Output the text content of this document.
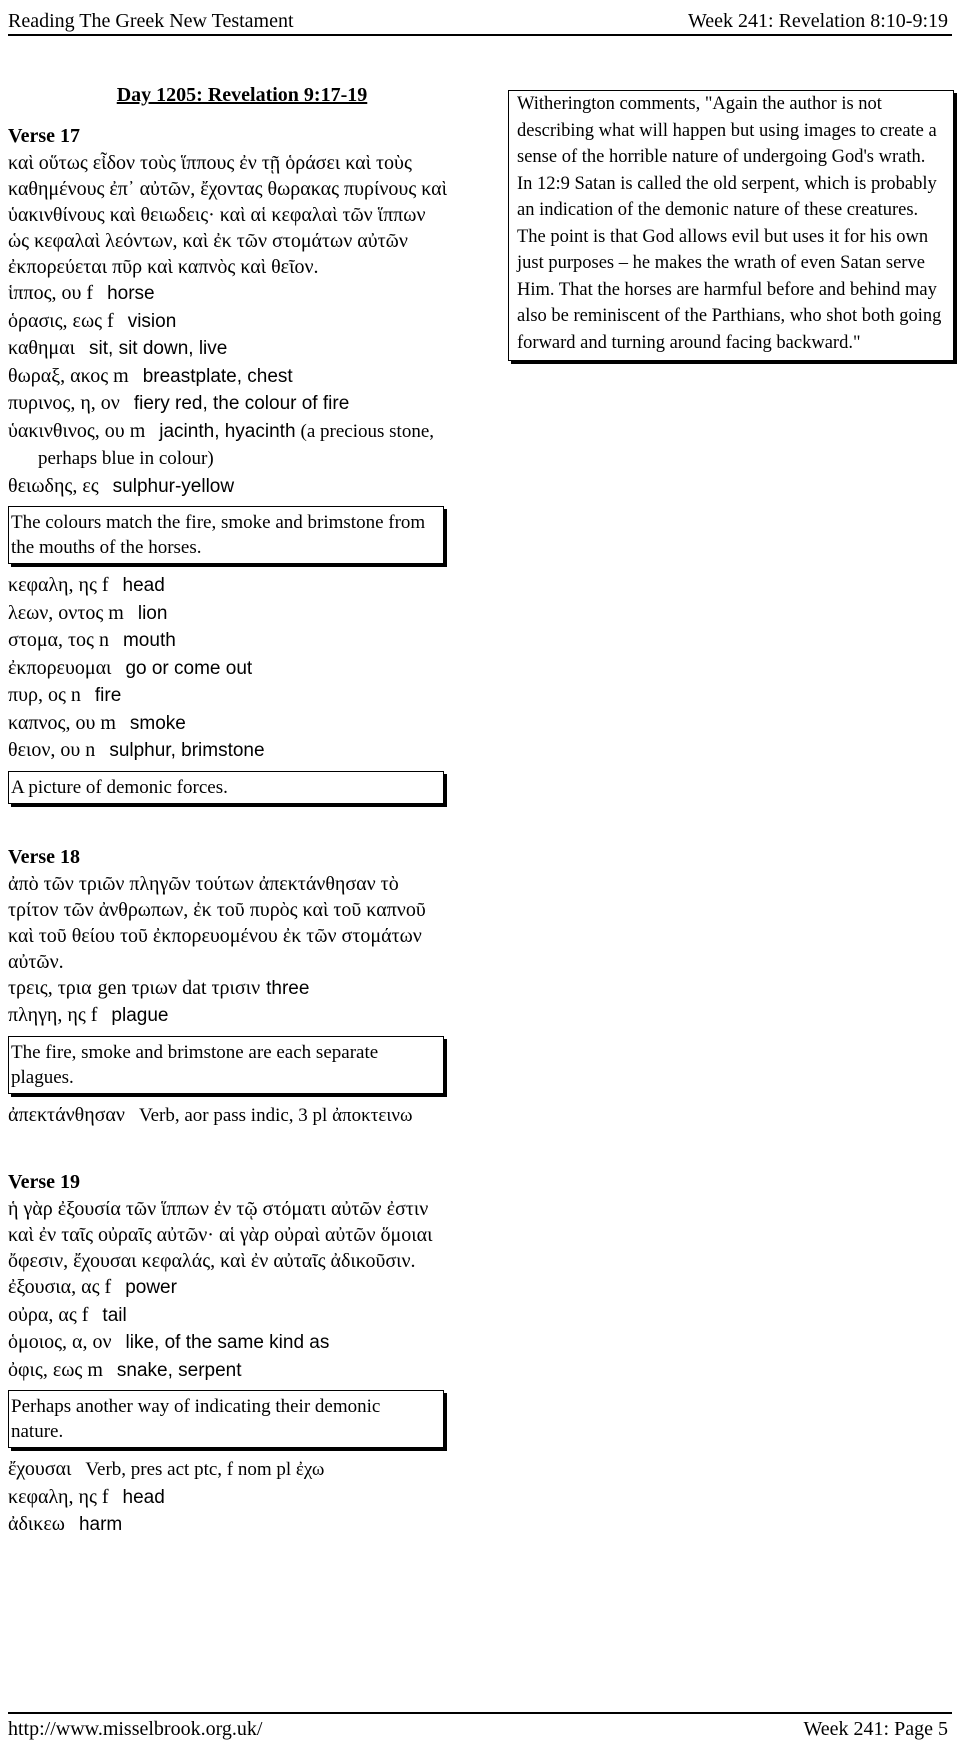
Reading The Greek New Testament	Week 241: Revelation 8:10-9:19
Day 1205: Revelation 9:17-19
Verse 17

καὶ οὕτως εἶδον τοὺς ἵππους ἐν τῇ ὁράσει καὶ τοὺς καθημένους ἐπ᾽ αὐτῶν, ἔχοντας θωρακας πυρίνους καὶ ὑακινθίνους καὶ θειωδεις· καὶ αἱ κεφαλαὶ τῶν ἵππων ὡς κεφαλαὶ λεόντων, καὶ ἐκ τῶν στομάτων αὐτῶν ἐκπορεύεται πῦρ καὶ καπνὸς καὶ θεῖον.

ἱππος, ου f horse

ὁρασις, εως f vision

καθημαι sit, sit down, live

θωραξ, ακος m breastplate, chest

πυρινος, η, ον fiery red, the colour of fire

ὑακινθινος, ου m jacinth, hyacinth (a precious stone, perhaps blue in colour)

θειωδης, ες sulphur-yellow

The colours match the fire, smoke and brimstone from the mouths of the horses.

κεφαλη, ης f head

λεων, οντος m lion

στομα, τος n mouth

ἐκπορευομαι go or come out

πυρ, ος n fire

καπνος, ου m smoke

θειον, ου n sulphur, brimstone

A picture of demonic forces.
Verse 18

ἀπὸ τῶν τριῶν πληγῶν τούτων ἀπεκτάνθησαν τὸ τρίτον τῶν ἀνθρωπων, ἐκ τοῦ πυρὸς καὶ τοῦ καπνοῦ καὶ τοῦ θείου τοῦ ἐκπορευομένου ἐκ τῶν στομάτων αὐτῶν.

τρεις, τρια gen τριων dat τρισιν three

πληγη, ης f plague

The fire, smoke and brimstone are each separate plagues.

ἀπεκτάνθησαν Verb, aor pass indic, 3 pl ἀποκτεινω

Verse 19

ἡ γὰρ ἐξουσία τῶν ἵππων ἐν τῷ στόματι αὐτῶν ἐστιν καὶ ἐν ταῖς οὐραῖς αὐτῶν· αἱ γὰρ οὐραὶ αὐτῶν ὅμοιαι ὄφεσιν, ἔχουσαι κεφαλάς, καὶ ἐν αὐταῖς ἀδικοῦσιν.

ἐξουσια, ας f power

οὐρα, ας f tail

ὁμοιος, α, ον like, of the same kind as

ὀφις, εως m snake, serpent

Perhaps another way of indicating their demonic nature.

ἔχουσαι Verb, pres act ptc, f nom pl ἐχω

κεφαλη, ης f head

ἀδικεω harm

Witherington comments, "Again the author is not describing what will happen but using images to create a sense of the horrible nature of undergoing God's wrath. In 12:9 Satan is called the old serpent, which is probably an indication of the demonic nature of these creatures. The point is that God allows evil but uses it for his own just purposes – he makes the wrath of even Satan serve Him. That the horses are harmful before and behind may also be reminiscent of the Parthians, who shot both going forward and turning around facing backward."
http://www.misselbrook.org.uk/	Week 241: Page 5
